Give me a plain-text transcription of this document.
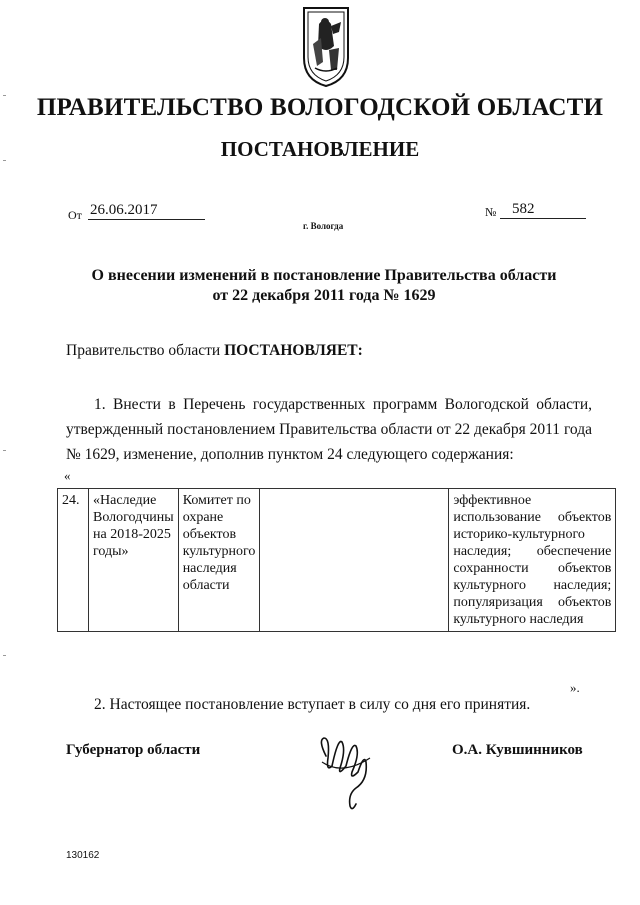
ПРАВИТЕЛЬСТВО ВОЛОГОДСКОЙ ОБЛАСТИ
ПОСТАНОВЛЕНИЕ
От 26.06.2017	№	582
г. Вологда
О внесении изменений в постановление Правительства области
от 22 декабря 2011 года № 1629
Правительство области ПОСТАНОВЛЯЕТ:
1. Внести в Перечень государственных программ Вологодской области, утвержденный постановлением Правительства области от 22 декабря 2011 года № 1629, изменение, дополнив пунктом 24 следующего содержания:
«
24.	«Наследие Вологодчины на 2018-2025 годы»	Комитет по охране объектов культурного наследия области		эффективное использование объектов историко-культурного наследия; обеспечение сохранности объектов культурного наследия; популяризация объектов культурного наследия
».
2. Настоящее постановление вступает в силу со дня его принятия.
Губернатор области	О.А. Кувшинников
130162
